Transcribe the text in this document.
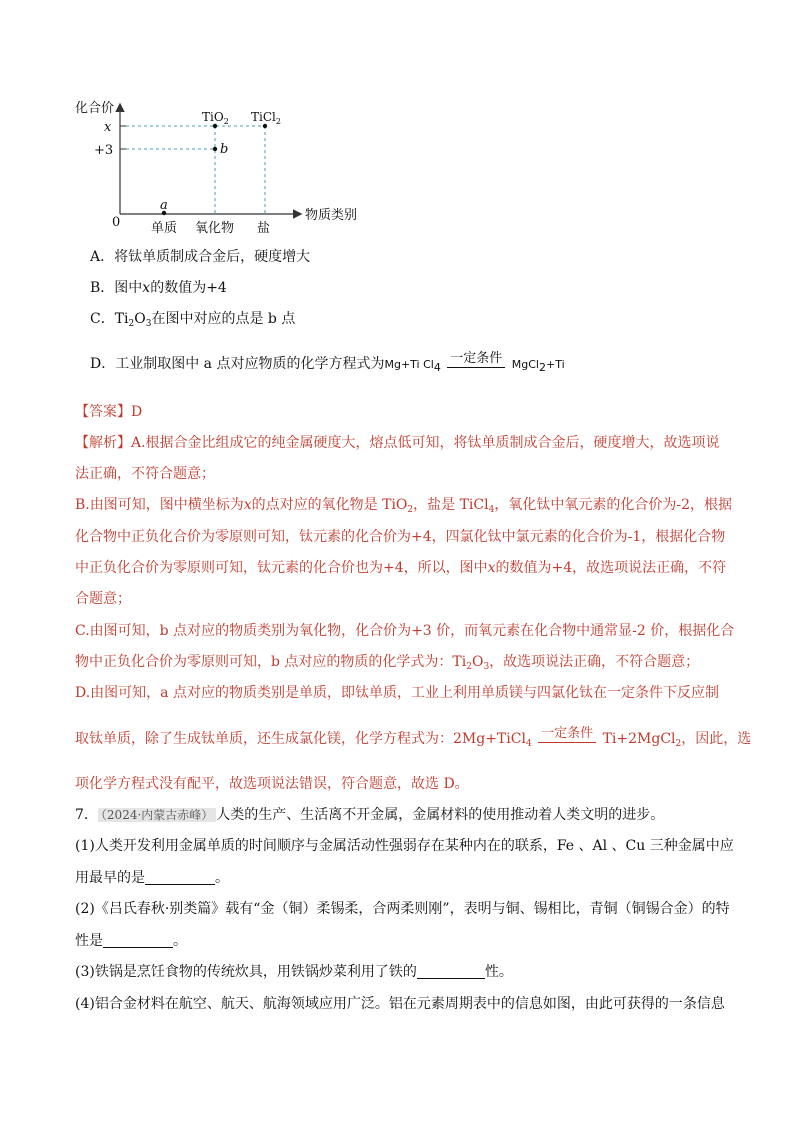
化合价
物质类别
0
x
+3
单质 氧化物 盐
a
b
TiO$_2$ TiCl$_2$
A．将钛单质制成合金后，硬度增大
B．图中x的数值为+4
C．$Ti_2O_3$在图中对应的点是 b 点
D．工业制取图中 a 点对应物质的化学方程式为Mg+Ti $Cl_4$
一定条件 MgCl$_2$+Ti
【答案】D
【解析】A.根据合金比组成它的纯金属硬度大，熔点低可知，将钛单质制成合金后，硬度增大，故选项说
法正确，不符合题意；
B.由图可知，图中横坐标为x的点对应的氧化物是 TiO$_2$，盐是 TiCl$_4$，氧化钛中氧元素的化合价为-2，根据
化合物中正负化合价为零原则可知，钛元素的化合价为+4，四氯化钛中氯元素的化合价为-1，根据化合物
中正负化合价为零原则可知，钛元素的化合价也为+4，所以，图中x的数值为+4，故选项说法正确，不符
合题意；
C.由图可知，b 点对应的物质类别为氧化物，化合价为+3 价，而氧元素在化合物中通常显-2 价，根据化合
物中正负化合价为零原则可知，b 点对应的物质的化学式为：$Ti_2O_3$，故选项说法正确，不符合题意；
D.由图可知，a 点对应的物质类别是单质，即钛单质，工业上利用单质镁与四氯化钛在一定条件下反应制
取钛单质，除了生成钛单质，还生成氯化镁，化学方程式为：2Mg+TiCl$_4$
一定条件 Ti+2MgCl$_2$，因此，选
项化学方程式没有配平，故选项说法错误，符合题意，故选 D。
7． （2024·内蒙古赤峰） 人类的生产、生活离不开金属，金属材料的使用推动着人类文明的进步。
(1)人类开发利用金属单质的时间顺序与金属活动性强弱存在某种内在的联系，Fe 、Al 、Cu 三种金属中应
用最早的是	。
(2)《吕氏春秋·别类篇》载有“金（铜）柔锡柔，合两柔则刚”，表明与铜、锡相比，青铜（铜锡合金）的特
性是	。
(3)铁锅是烹饪食物的传统炊具，用铁锅炒菜利用了铁的	性。
(4)铝合金材料在航空、航天、航海领域应用广泛。铝在元素周期表中的信息如图，由此可获得的一条信息
